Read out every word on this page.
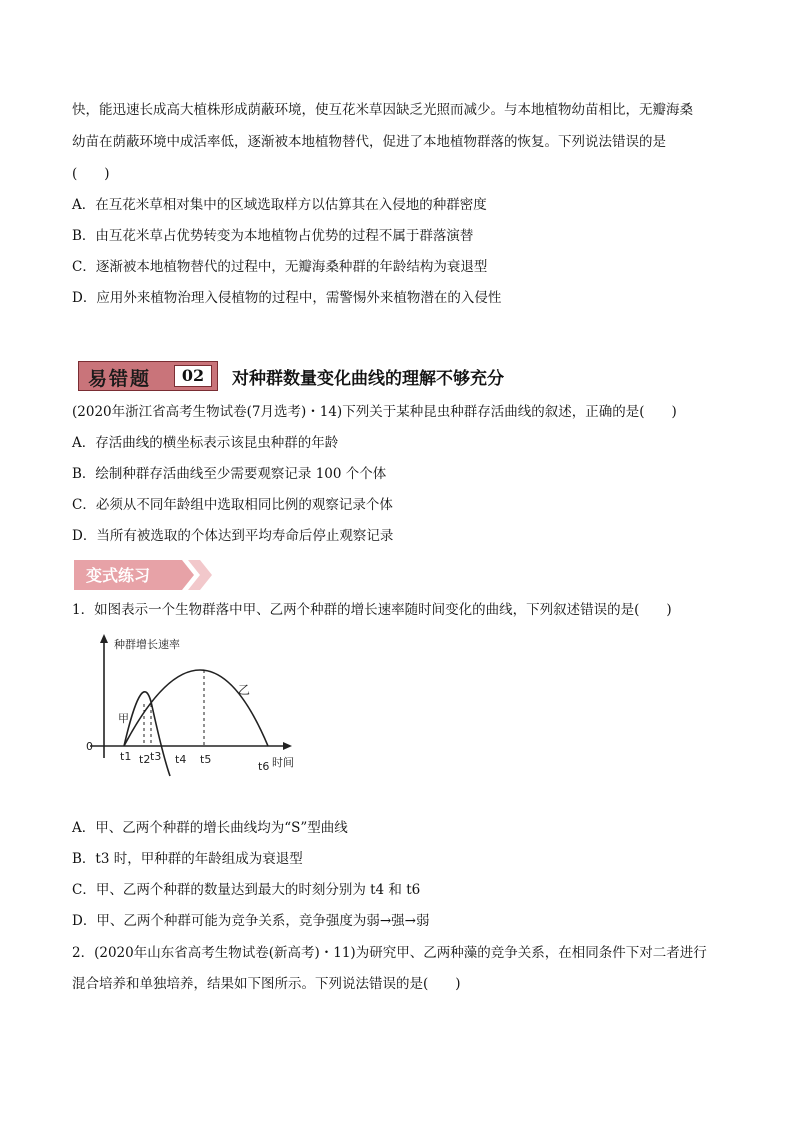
快，能迅速长成高大植株形成荫蔽环境，使互花米草因缺乏光照而减少。与本地植物幼苗相比，无瓣海桑
幼苗在荫蔽环境中成活率低，逐渐被本地植物替代，促进了本地植物群落的恢复。下列说法错误的是
(　　)
A．在互花米草相对集中的区域选取样方以估算其在入侵地的种群密度
B．由互花米草占优势转变为本地植物占优势的过程不属于群落演替
C．逐渐被本地植物替代的过程中，无瓣海桑种群的年龄结构为衰退型
D．应用外来植物治理入侵植物的过程中，需警惕外来植物潜在的入侵性
易错题	02	对种群数量变化曲线的理解不够充分
(2020年浙江省高考生物试卷(7月选考)・14)下列关于某种昆虫种群存活曲线的叙述，正确的是(　　)
A．存活曲线的横坐标表示该昆虫种群的年龄
B．绘制种群存活曲线至少需要观察记录 100 个个体
C．必须从不同年龄组中选取相同比例的观察记录个体
D．当所有被选取的个体达到平均寿命后停止观察记录
变式练习
1．如图表示一个生物群落中甲、乙两个种群的增长速率随时间变化的曲线，下列叙述错误的是(　　)
种群增长速率
时间
0
甲
乙
t1 t2 t3 t4 t5
t6
A．甲、乙两个种群的增长曲线均为“S”型曲线
B．t3 时，甲种群的年龄组成为衰退型
C．甲、乙两个种群的数量达到最大的时刻分别为 t4 和 t6
D．甲、乙两个种群可能为竞争关系，竞争强度为弱→强→弱
2．(2020年山东省高考生物试卷(新高考)・11)为研究甲、乙两种藻的竞争关系，在相同条件下对二者进行
混合培养和单独培养，结果如下图所示。下列说法错误的是(　　)
